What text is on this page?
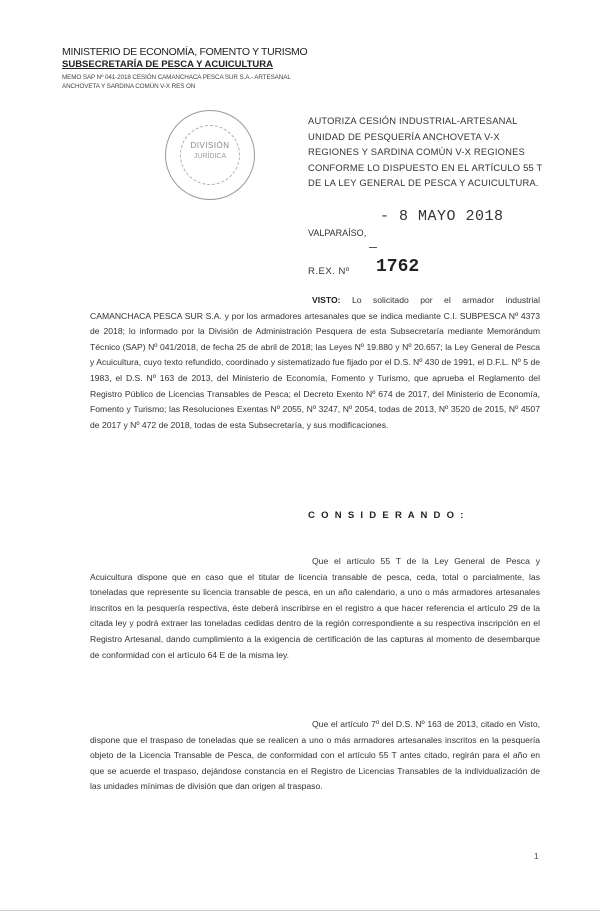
MINISTERIO DE ECONOMÍA, FOMENTO Y TURISMO
SUBSECRETARÍA DE PESCA Y ACUICULTURA
MEMO SAP Nº 041-2018 CESIÓN CAMANCHACA PESCA SUR S.A.- ARTESANAL ANCHOVETA Y SARDINA COMÚN V-X RES ON
DIVISIÓN
JURÍDICA
AUTORIZA CESIÓN INDUSTRIAL-ARTESANAL UNIDAD DE PESQUERÍA ANCHOVETA V-X REGIONES Y SARDINA COMÚN V-X REGIONES CONFORME LO DISPUESTO EN EL ARTÍCULO 55 T DE LA LEY GENERAL DE PESCA Y ACUICULTURA.
- 8 MAYO 2018
VALPARAÍSO,
R.EX. Nº 1762
VISTO: Lo solicitado por el armador industrial CAMANCHACA PESCA SUR S.A. y por los armadores artesanales que se indica mediante C.I. SUBPESCA Nº 4373 de 2018; lo informado por la División de Administración Pesquera de esta Subsecretaría mediante Memorándum Técnico (SAP) Nº 041/2018, de fecha 25 de abril de 2018; las Leyes Nº 19.880 y Nº 20.657; la Ley General de Pesca y Acuicultura, cuyo texto refundido, coordinado y sistematizado fue fijado por el D.S. Nº 430 de 1991, el D.F.L. Nº 5 de 1983, el D.S. Nº 163 de 2013, del Ministerio de Economía, Fomento y Turismo, que aprueba el Reglamento del Registro Público de Licencias Transables de Pesca; el Decreto Exento Nº 674 de 2017, del Ministerio de Economía, Fomento y Turismo; las Resoluciones Exentas Nº 2055, Nº 3247, Nº 2054, todas de 2013, Nº 3520 de 2015, Nº 4507 de 2017 y Nº 472 de 2018, todas de esta Subsecretaría, y sus modificaciones.
C O N S I D E R A N D O :
Que el artículo 55 T de la Ley General de Pesca y Acuicultura dispone que en caso que el titular de licencia transable de pesca, ceda, total o parcialmente, las toneladas que represente su licencia transable de pesca, en un año calendario, a uno o más armadores artesanales inscritos en la pesquería respectiva, éste deberá inscribirse en el registro a que hacer referencia el artículo 29 de la citada ley y podrá extraer las toneladas cedidas dentro de la región correspondiente a su respectiva inscripción en el Registro Artesanal, dando cumplimiento a la exigencia de certificación de las capturas al momento de desembarque de conformidad con el artículo 64 E de la misma ley.
Que el artículo 7º del D.S. Nº 163 de 2013, citado en Visto, dispone que el traspaso de toneladas que se realicen a uno o más armadores artesanales inscritos en la pesquería objeto de la Licencia Transable de Pesca, de conformidad con el artículo 55 T antes citado, regirán para el año en que se acuerde el traspaso, dejándose constancia en el Registro de Licencias Transables de la individualización de las unidades mínimas de división que dan origen al traspaso.
1
